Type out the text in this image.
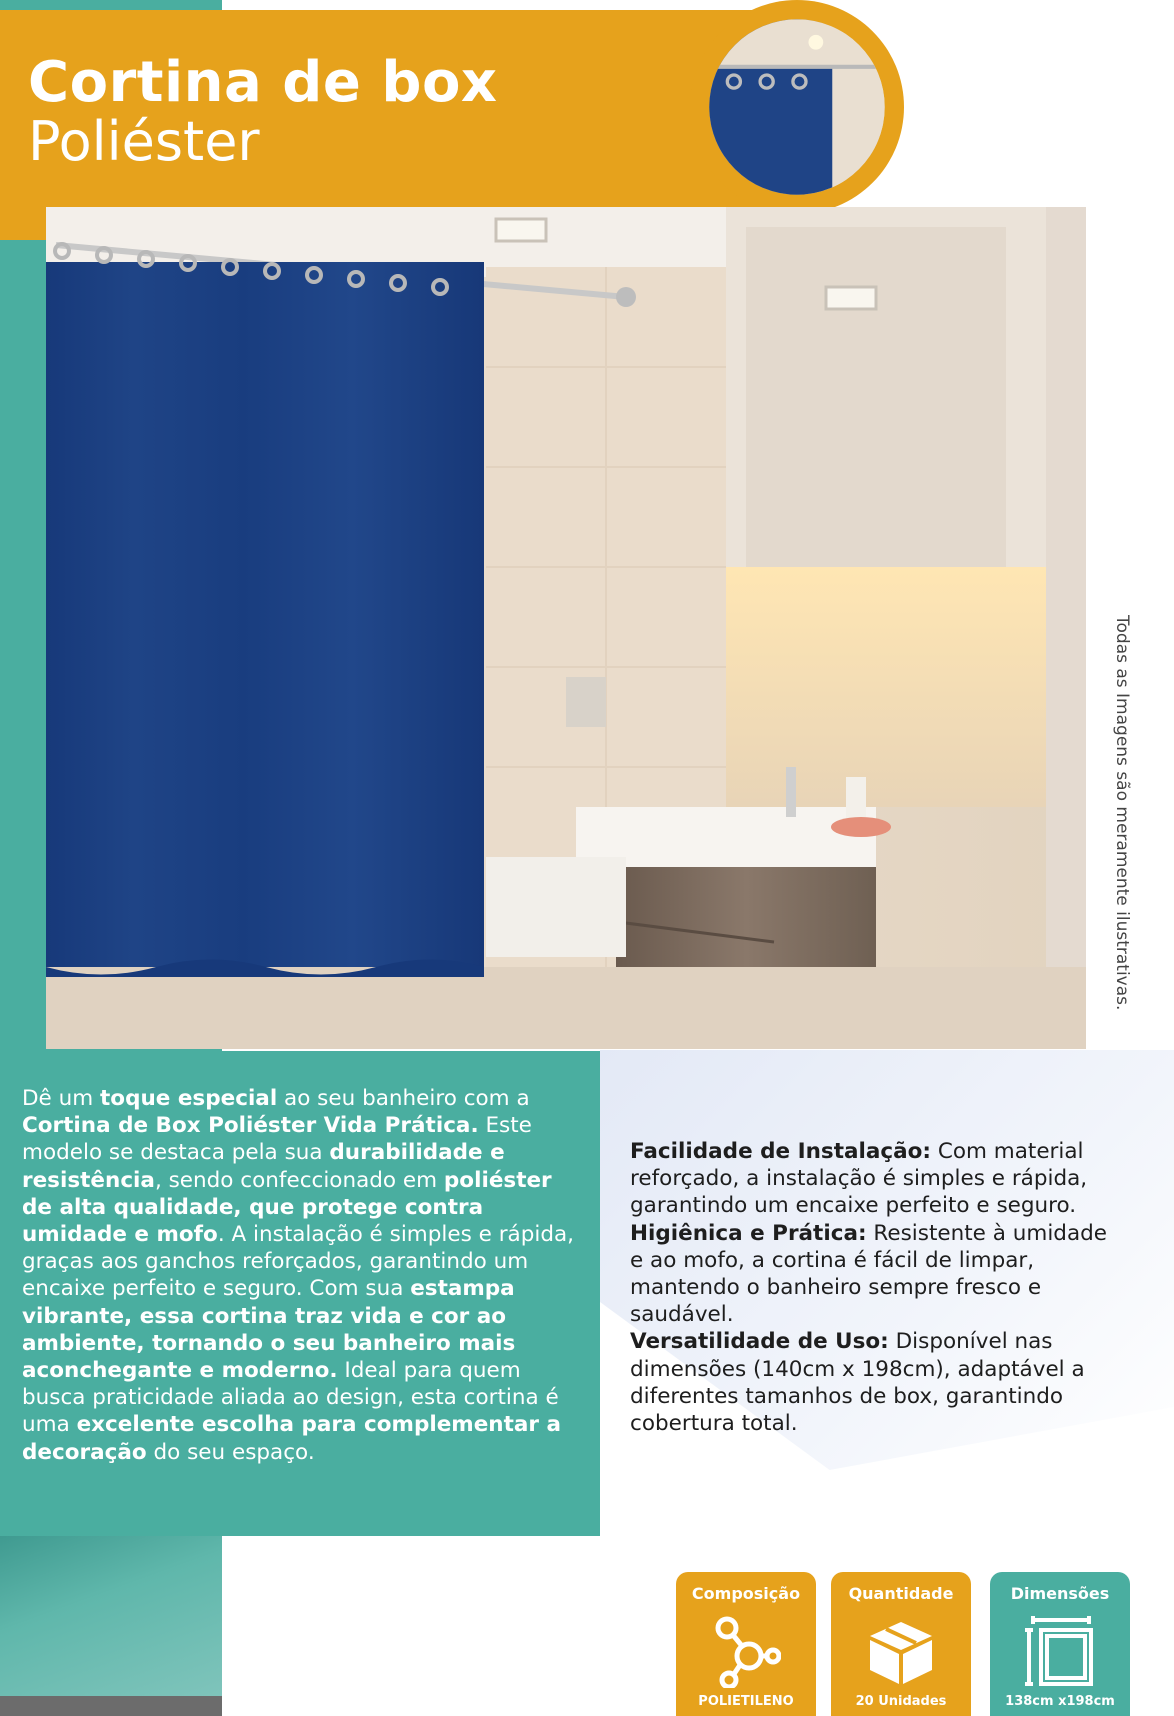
Cortina de box
Poliéster
Todas as Imagens são meramente ilustrativas.
Dê um toque especial ao seu banheiro com a Cortina de Box Poliéster Vida Prática. Este modelo se destaca pela sua durabilidade e resistência, sendo confeccionado em poliéster de alta qualidade, que protege contra umidade e mofo. A instalação é simples e rápida, graças aos ganchos reforçados, garantindo um encaixe perfeito e seguro. Com sua estampa vibrante, essa cortina traz vida e cor ao ambiente, tornando o seu banheiro mais aconchegante e moderno. Ideal para quem busca praticidade aliada ao design, esta cortina é uma excelente escolha para complementar a decoração do seu espaço.

Facilidade de Instalação: Com material reforçado, a instalação é simples e rápida, garantindo um encaixe perfeito e seguro.

Higiênica e Prática: Resistente à umidade e ao mofo, a cortina é fácil de limpar, mantendo o banheiro sempre fresco e saudável.

Versatilidade de Uso: Disponível nas dimensões (140cm x 198cm), adaptável a diferentes tamanhos de box, garantindo cobertura total.

Composição
POLIETILENO
Quantidade
20 Unidades
Dimensões
138cm x198cm
